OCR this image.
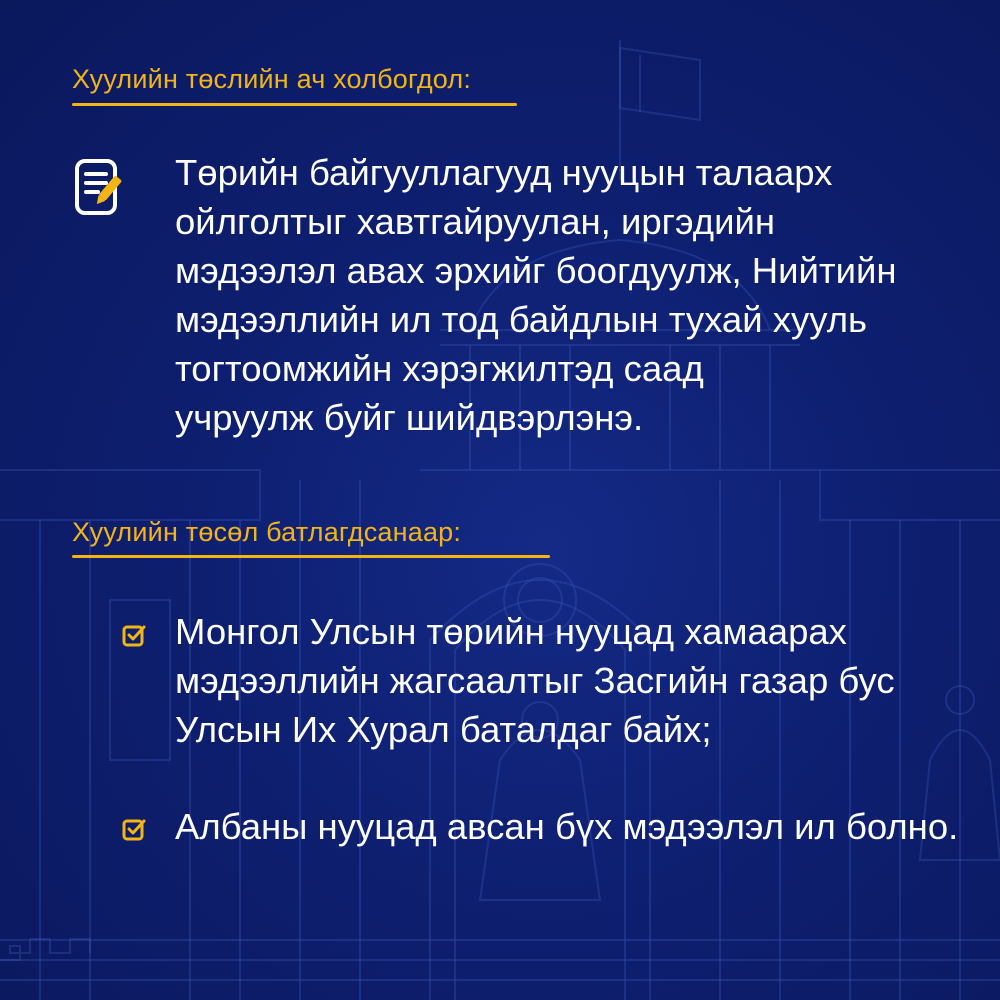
Хуулийн төслийн ач холбогдол:

Төрийн байгууллагууд нууцын талаарх
ойлголтыг хавтгайруулан, иргэдийн
мэдээлэл авах эрхийг боогдуулж, Нийтийн
мэдээллийн ил тод байдлын тухай хууль
тогтоомжийн хэрэгжилтэд саад
учруулж буйг шийдвэрлэнэ.

Хуулийн төсөл батлагдсанаар:

Монгол Улсын төрийн нууцад хамаарах
мэдээллийн жагсаалтыг Засгийн газар бус
Улсын Их Хурал баталдаг байх;

Албаны нууцад авсан бүх мэдээлэл ил болно.
